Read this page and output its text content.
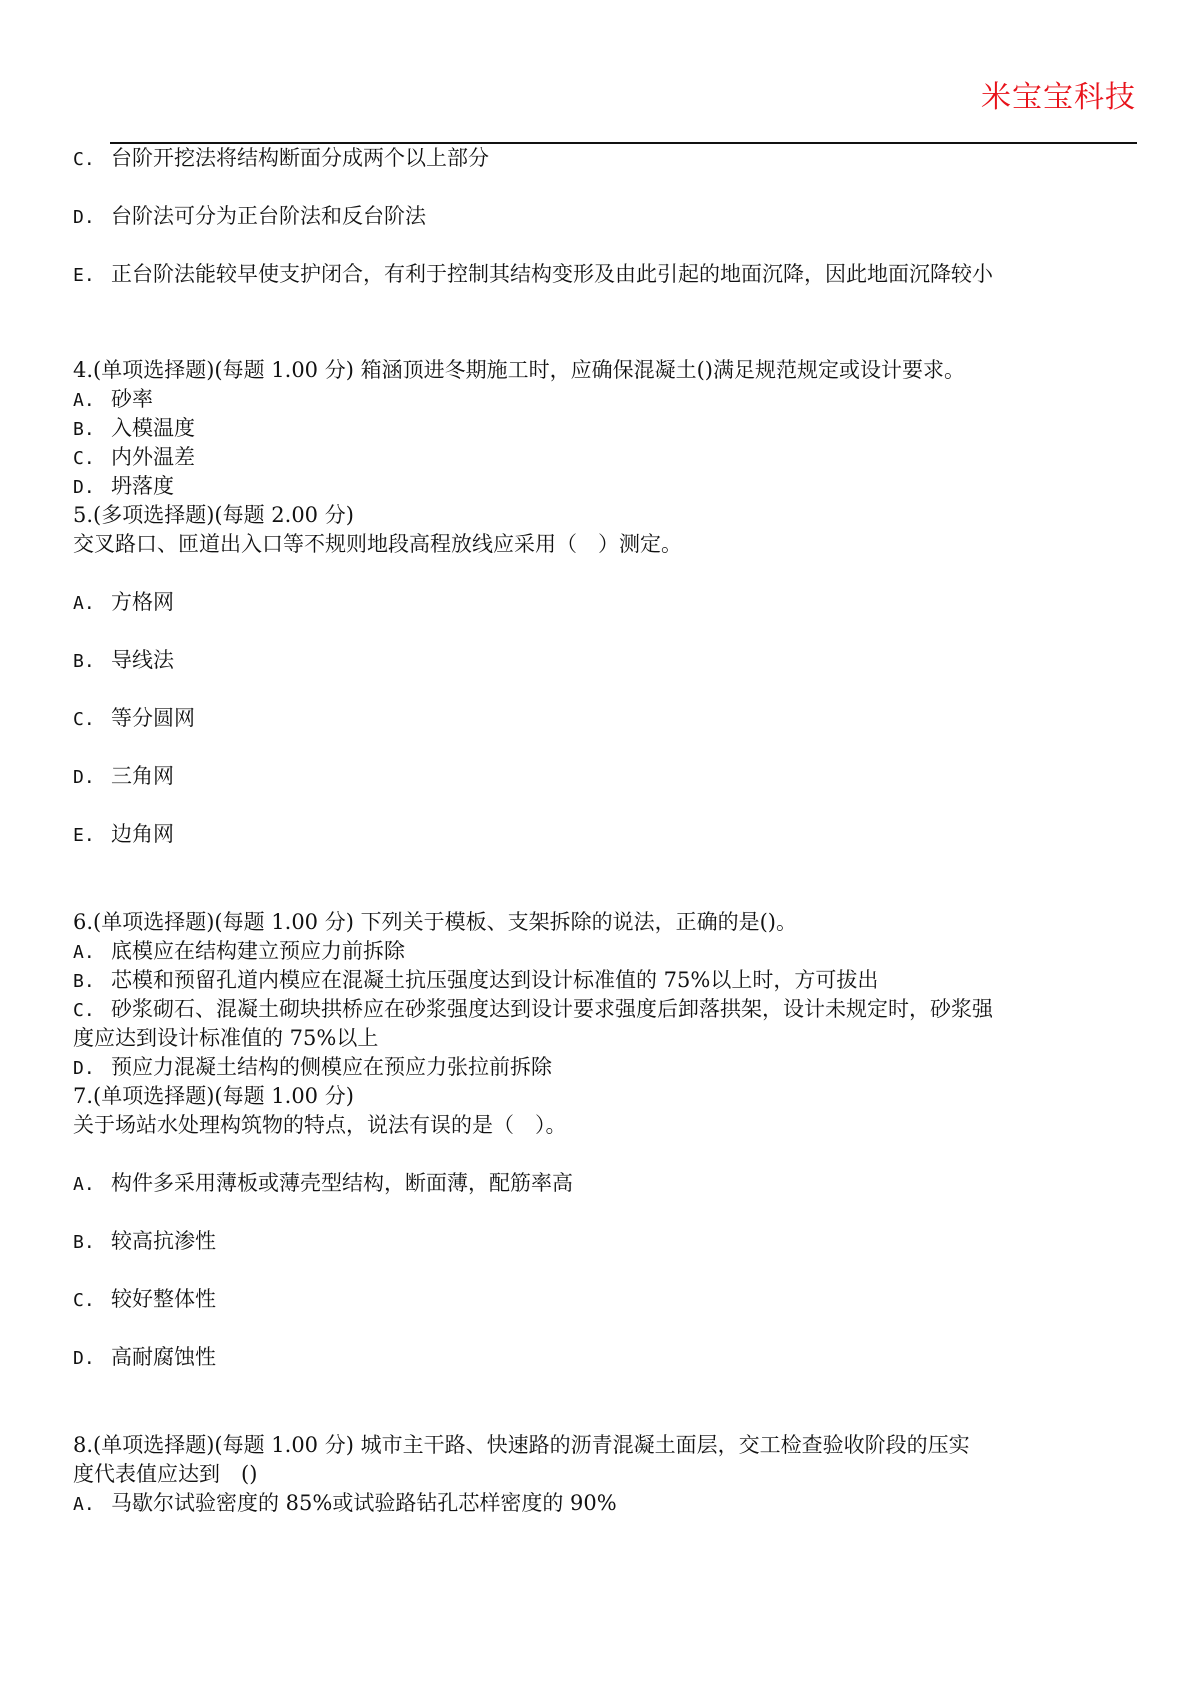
米宝宝科技
C. 台阶开挖法将结构断面分成两个以上部分
D. 台阶法可分为正台阶法和反台阶法
E. 正台阶法能较早使支护闭合，有利于控制其结构变形及由此引起的地面沉降，因此地面沉降较小
4.(单项选择题)(每题 1.00 分) 箱涵顶进冬期施工时，应确保混凝土()满足规范规定或设计要求。
A. 砂率
B. 入模温度
C. 内外温差
D. 坍落度
5.(多项选择题)(每题 2.00 分)
交叉路口、匝道出入口等不规则地段高程放线应采用（　）测定。
A. 方格网
B. 导线法
C. 等分圆网
D. 三角网
E. 边角网
6.(单项选择题)(每题 1.00 分) 下列关于模板、支架拆除的说法，正确的是()。
A. 底模应在结构建立预应力前拆除
B. 芯模和预留孔道内模应在混凝土抗压强度达到设计标准值的 75%以上时，方可拔出
C. 砂浆砌石、混凝土砌块拱桥应在砂浆强度达到设计要求强度后卸落拱架，设计未规定时，砂浆强
度应达到设计标准值的 75%以上
D. 预应力混凝土结构的侧模应在预应力张拉前拆除
7.(单项选择题)(每题 1.00 分)
关于场站水处理构筑物的特点，说法有误的是（　）。
A. 构件多采用薄板或薄壳型结构，断面薄，配筋率高
B. 较高抗渗性
C. 较好整体性
D. 高耐腐蚀性
8.(单项选择题)(每题 1.00 分) 城市主干路、快速路的沥青混凝土面层，交工检查验收阶段的压实
度代表值应达到　()
A. 马歇尔试验密度的 85%或试验路钻孔芯样密度的 90%
